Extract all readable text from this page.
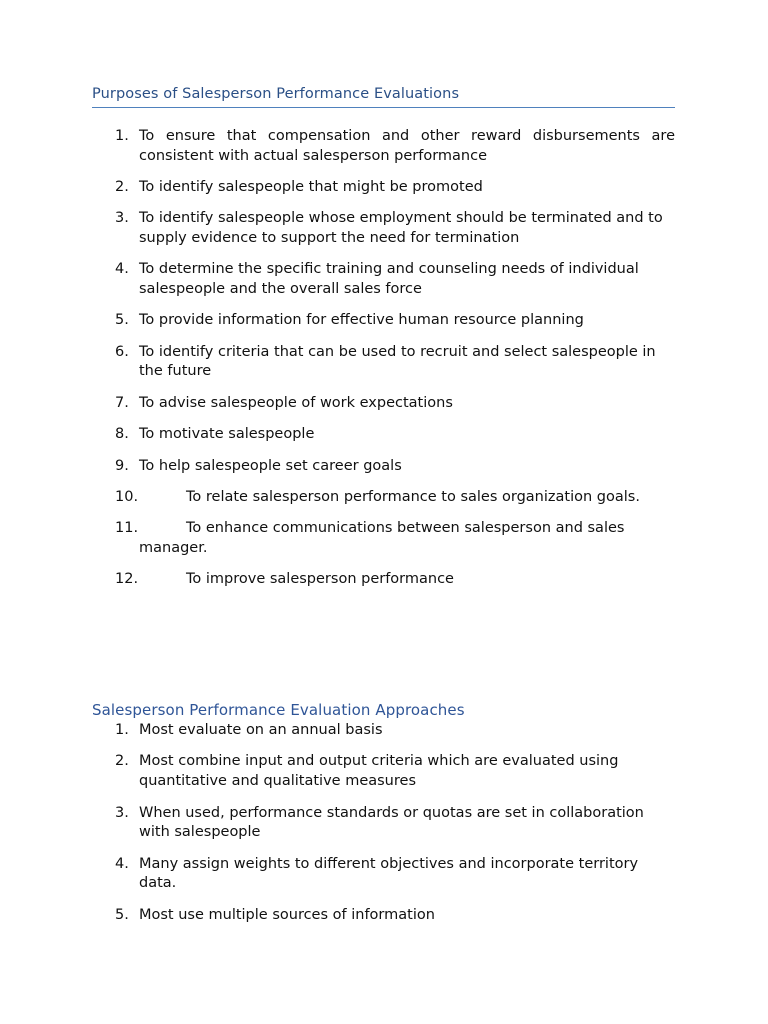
Purposes of Salesperson Performance Evaluations
1. To ensure that compensation and other reward disbursements are consistent with actual salesperson performance
2. To identify salespeople that might be promoted
3. To identify salespeople whose employment should be terminated and to supply evidence to support the need for termination
4. To determine the specific training and counseling needs of individual salespeople and the overall sales force
5. To provide information for effective human resource planning
6. To identify criteria that can be used to recruit and select salespeople in the future
7. To advise salespeople of work expectations
8. To motivate salespeople
9. To help salespeople set career goals
10.	To relate salesperson performance to sales organization goals.
11.	To enhance communications between salesperson and sales manager.
12.	To improve salesperson performance
Salesperson Performance Evaluation Approaches
1. Most evaluate on an annual basis
2. Most combine input and output criteria which are evaluated using quantitative and qualitative measures
3. When used, performance standards or quotas are set in collaboration with salespeople
4. Many assign weights to different objectives and incorporate territory data.
5. Most use multiple sources of information
